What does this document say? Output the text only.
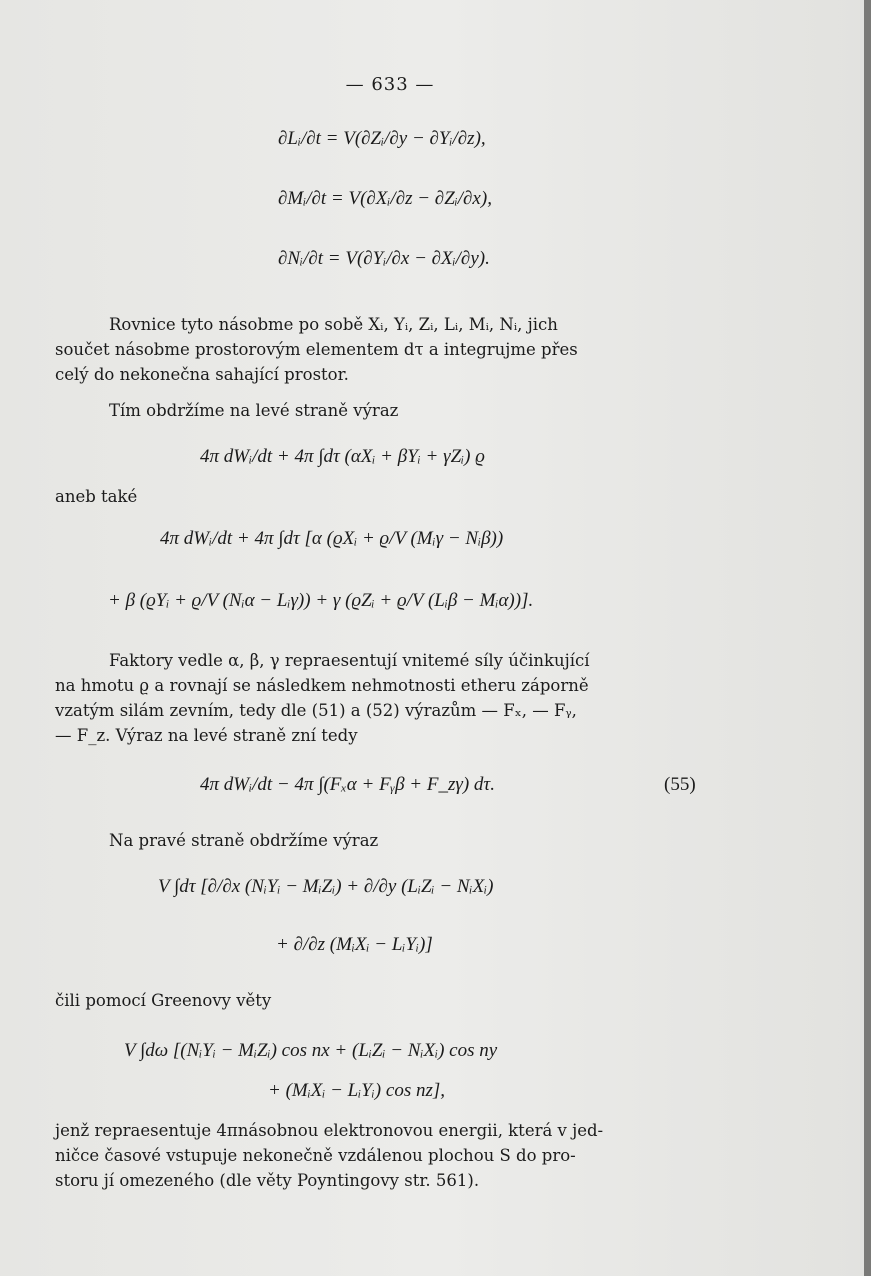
— 633 —
∂Lᵢ/∂t = V(∂Zᵢ/∂y − ∂Yᵢ/∂z),
∂Mᵢ/∂t = V(∂Xᵢ/∂z − ∂Zᵢ/∂x),
∂Nᵢ/∂t = V(∂Yᵢ/∂x − ∂Xᵢ/∂y).
Rovnice tyto násobme po sobě Xᵢ, Yᵢ, Zᵢ, Lᵢ, Mᵢ, Nᵢ, jich
součet násobme prostorovým elementem dτ a integrujme přes
celý do nekonečna sahající prostor.
Tím obdržíme na levé straně výraz
4π dWᵢ/dt + 4π ∫dτ (αXᵢ + βYᵢ + γZᵢ) ϱ
aneb také
4π dWᵢ/dt + 4π ∫dτ [α (ϱXᵢ + ϱ/V (Mᵢγ − Nᵢβ))
+ β (ϱYᵢ + ϱ/V (Nᵢα − Lᵢγ)) + γ (ϱZᵢ + ϱ/V (Lᵢβ − Mᵢα))].
Faktory vedle α, β, γ repraesentují vnitemé síly účinkující
na hmotu ϱ a rovnají se následkem nehmotnosti etheru záporně
vzatým silám zevním, tedy dle (51) a (52) výrazům — Fₓ, — Fᵧ,
— F_z. Výraz na levé straně zní tedy
4π dWᵢ/dt − 4π ∫(Fₓα + Fᵧβ + F_zγ) dτ.	(55)
Na pravé straně obdržíme výraz
V ∫dτ [∂/∂x (NᵢYᵢ − MᵢZᵢ) + ∂/∂y (LᵢZᵢ − NᵢXᵢ)
+ ∂/∂z (MᵢXᵢ − LᵢYᵢ)]
čili pomocí Greenovy věty
V ∫dω [(NᵢYᵢ − MᵢZᵢ) cos nx + (LᵢZᵢ − NᵢXᵢ) cos ny
+ (MᵢXᵢ − LᵢYᵢ) cos nz],
jenž repraesentuje 4πnásobnou elektronovou energii, která v jed-
ničce časové vstupuje nekonečně vzdálenou plochou S do pro-
storu jí omezeného (dle věty Poyntingovy str. 561).
